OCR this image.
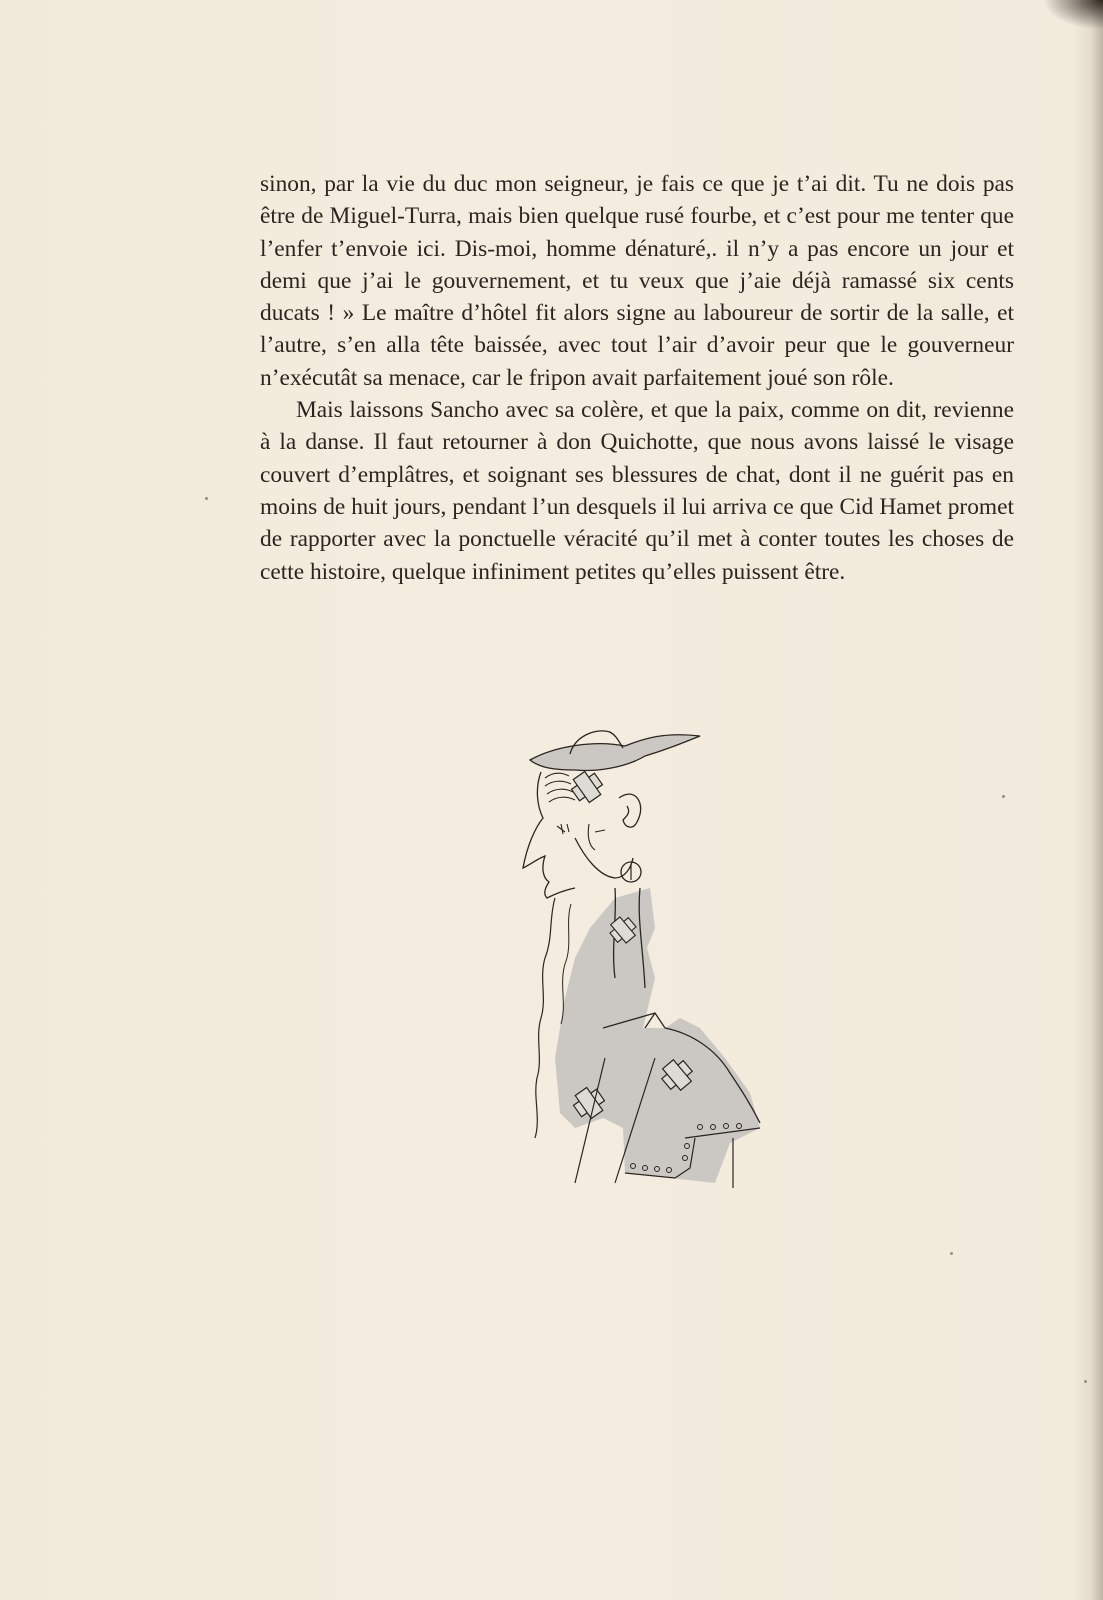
sinon, par la vie du duc mon seigneur, je fais ce que je t’ai dit. Tu ne dois pas être de Miguel-Turra, mais bien quelque rusé fourbe, et c’est pour me tenter que l’enfer t’envoie ici. Dis-moi, homme dénaturé,. il n’y a pas encore un jour et demi que j’ai le gouvernement, et tu veux que j’aie déjà ramassé six cents ducats ! » Le maître d’hôtel fit alors signe au laboureur de sortir de la salle, et l’autre, s’en alla tête baissée, avec tout l’air d’avoir peur que le gouverneur n’exécutât sa menace, car le fripon avait parfaitement joué son rôle.

Mais laissons Sancho avec sa colère, et que la paix, comme on dit, revienne à la danse. Il faut retourner à don Quichotte, que nous avons laissé le visage couvert d’emplâtres, et soignant ses blessures de chat, dont il ne guérit pas en moins de huit jours, pendant l’un desquels il lui arriva ce que Cid Hamet promet de rapporter avec la ponctuelle véracité qu’il met à conter toutes les choses de cette histoire, quelque infiniment petites qu’elles puissent être.
